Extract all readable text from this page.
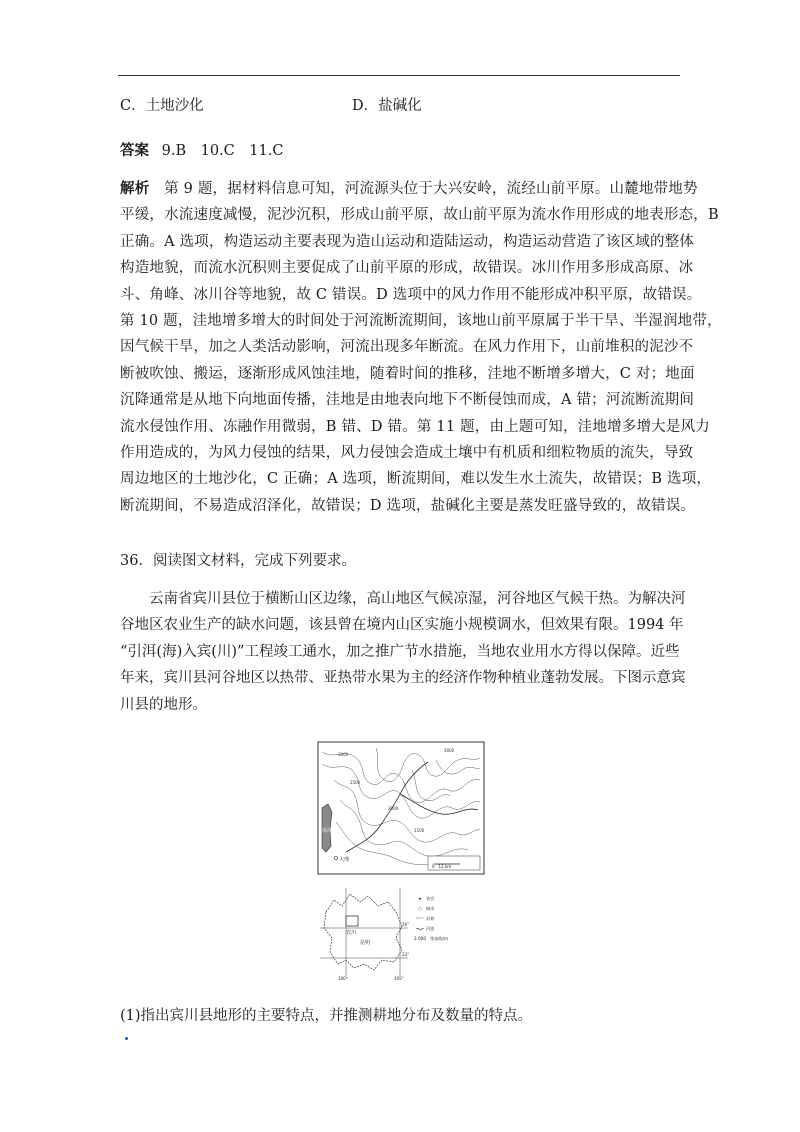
C．土地沙化	D．盐碱化
答案 9.B　10.C　11.C

解析　第 9 题，据材料信息可知，河流源头位于大兴安岭，流经山前平原。山麓地带地势

平缓，水流速度减慢，泥沙沉积，形成山前平原，故山前平原为流水作用形成的地表形态，B

正确。A 选项，构造运动主要表现为造山运动和造陆运动，构造运动营造了该区域的整体

构造地貌，而流水沉积则主要促成了山前平原的形成，故错误。冰川作用多形成高原、冰

斗、角峰、冰川谷等地貌，故 C 错误。D 选项中的风力作用不能形成冲积平原，故错误。

第 10 题，洼地增多增大的时间处于河流断流期间，该地山前平原属于半干旱、半湿润地带，

因气候干旱，加之人类活动影响，河流出现多年断流。在风力作用下，山前堆积的泥沙不

断被吹蚀、搬运，逐渐形成风蚀洼地，随着时间的推移，洼地不断增多增大，C 对；地面

沉降通常是从地下向地面传播，洼地是由地表向地下不断侵蚀而成，A 错；河流断流期间

流水侵蚀作用、冻融作用微弱，B 错、D 错。第 11 题，由上题可知，洼地增多增大是风力

作用造成的，为风力侵蚀的结果，风力侵蚀会造成土壤中有机质和细粒物质的流失，导致

周边地区的土地沙化，C 正确；A 选项，断流期间，难以发生水土流失，故错误；B 选项，

断流期间，不易造成沼泽化，故错误；D 选项，盐碱化主要是蒸发旺盛导致的，故错误。

36．阅读图文材料，完成下列要求。

云南省宾川县位于横断山区边缘，高山地区气候凉湿，河谷地区气候干热。为解决河

谷地区农业生产的缺水问题，该县曾在境内山区实施小规模调水，但效果有限。1994 年

“引洱(海)入宾(川)”工程竣工通水，加之推广节水措施，当地农业用水方得以保障。近些

年来，宾川县河谷地区以热带、亚热带水果为主的经济作物种植业蓬勃发展。下图示意宾

川县的地形。

洱海
3000
2500
2000
1500
3000
大理
0　12 km
宾川
昆明
26°
23°
100°	105°
★ 省会
○ 城市
县界
河流
2 000 等高线/m
(1)指出宾川县地形的主要特点，并推测耕地分布及数量的特点。
